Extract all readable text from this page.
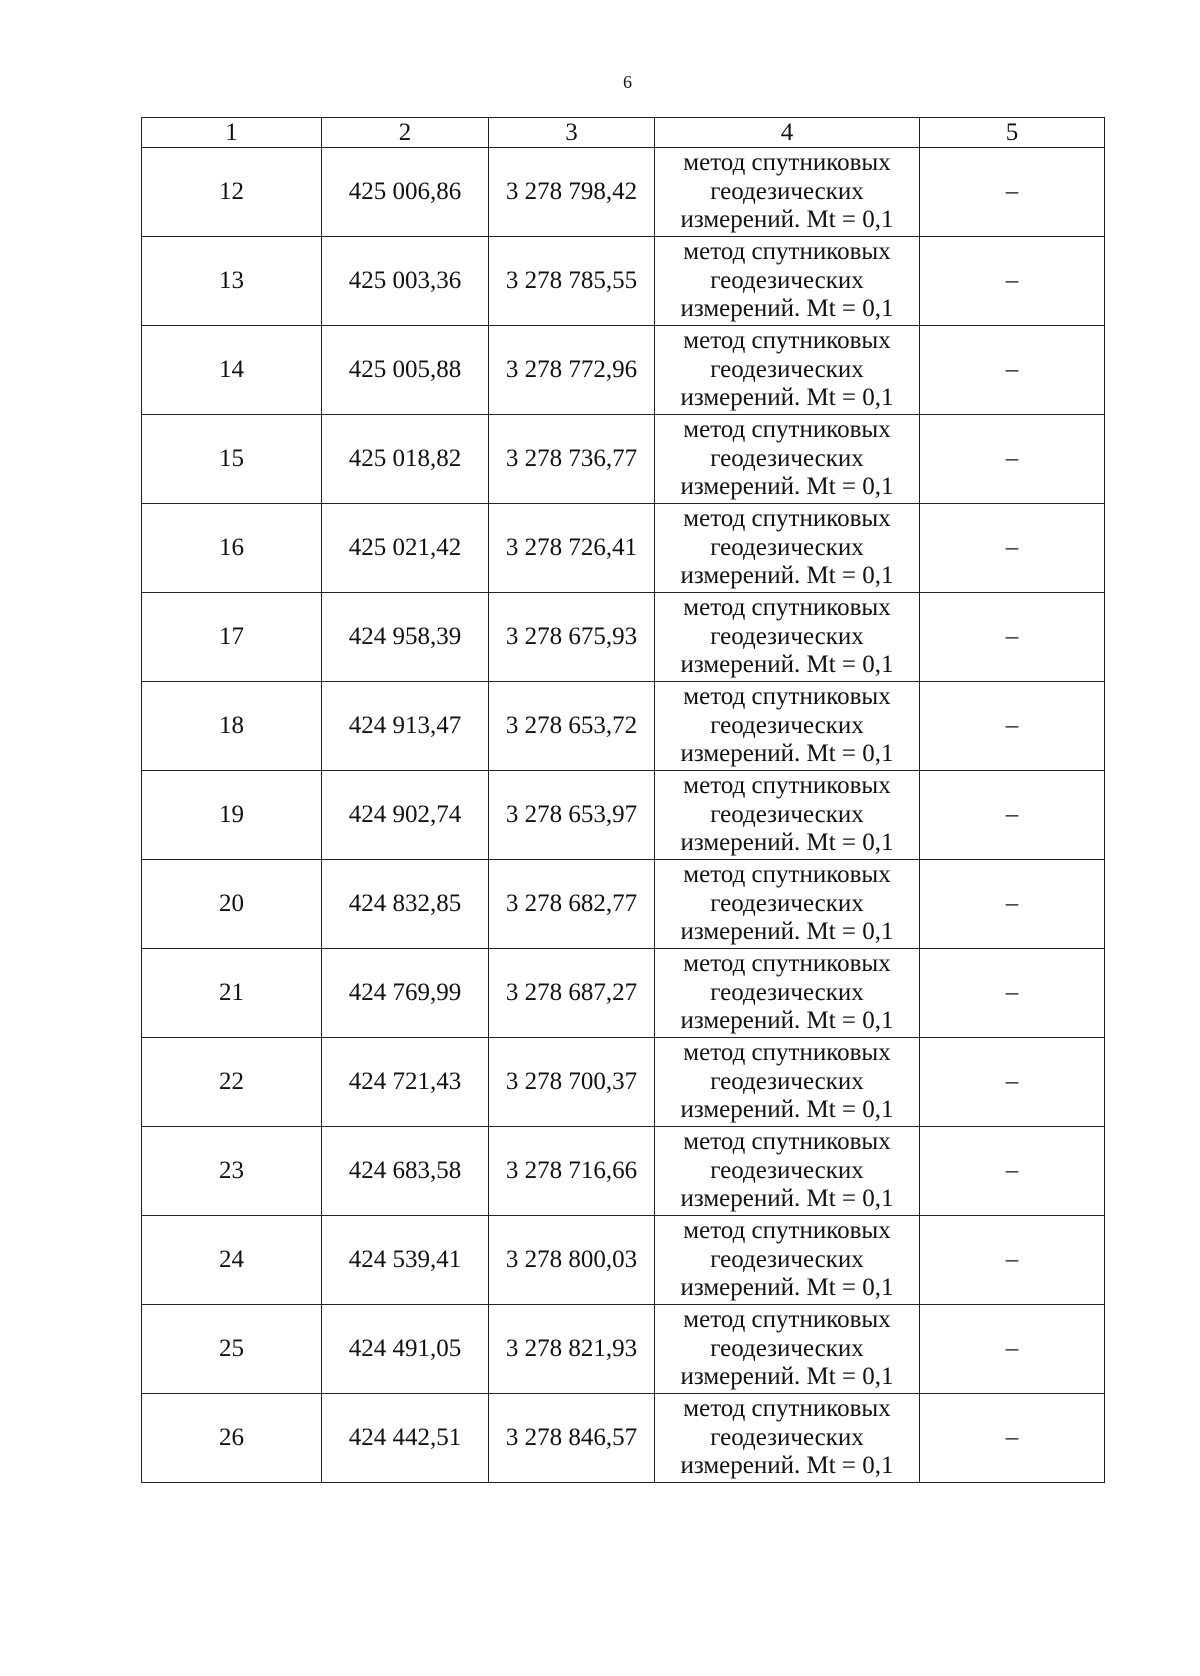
6
1	2	3	4	5
12	425 006,86	3 278 798,42	метод спутниковых
геодезических
измерений. Mt = 0,1	–
13	425 003,36	3 278 785,55	метод спутниковых
геодезических
измерений. Mt = 0,1	–
14	425 005,88	3 278 772,96	метод спутниковых
геодезических
измерений. Mt = 0,1	–
15	425 018,82	3 278 736,77	метод спутниковых
геодезических
измерений. Mt = 0,1	–
16	425 021,42	3 278 726,41	метод спутниковых
геодезических
измерений. Mt = 0,1	–
17	424 958,39	3 278 675,93	метод спутниковых
геодезических
измерений. Mt = 0,1	–
18	424 913,47	3 278 653,72	метод спутниковых
геодезических
измерений. Mt = 0,1	–
19	424 902,74	3 278 653,97	метод спутниковых
геодезических
измерений. Mt = 0,1	–
20	424 832,85	3 278 682,77	метод спутниковых
геодезических
измерений. Mt = 0,1	–
21	424 769,99	3 278 687,27	метод спутниковых
геодезических
измерений. Mt = 0,1	–
22	424 721,43	3 278 700,37	метод спутниковых
геодезических
измерений. Mt = 0,1	–
23	424 683,58	3 278 716,66	метод спутниковых
геодезических
измерений. Mt = 0,1	–
24	424 539,41	3 278 800,03	метод спутниковых
геодезических
измерений. Mt = 0,1	–
25	424 491,05	3 278 821,93	метод спутниковых
геодезических
измерений. Mt = 0,1	–
26	424 442,51	3 278 846,57	метод спутниковых
геодезических
измерений. Mt = 0,1	–
